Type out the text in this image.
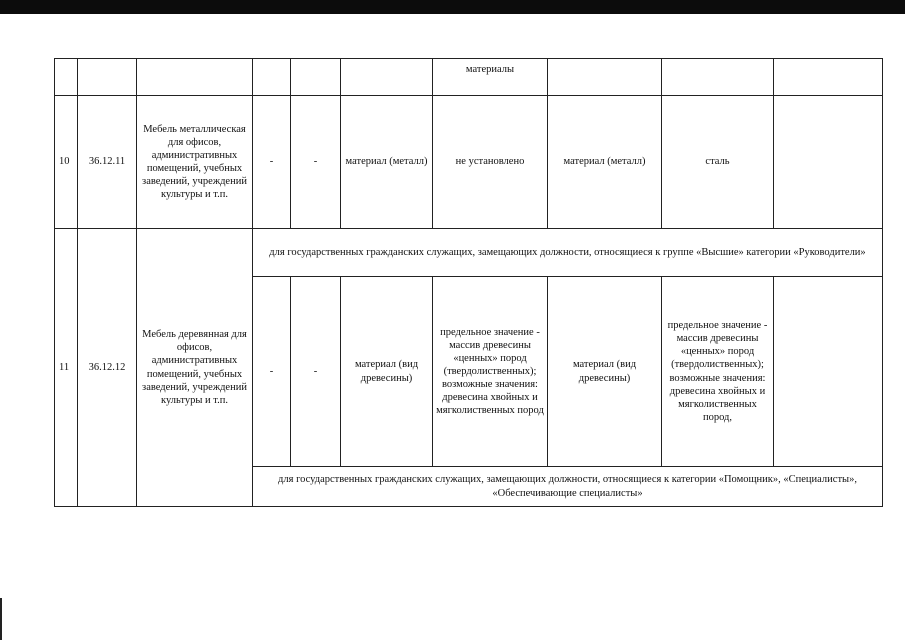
						материалы			
10	36.12.11	Мебель металлическая для офисов, административных помещений, учебных заведений, учреждений культуры и т.п.	-	-	материал (металл)	не установлено	материал (металл)	сталь	
11	36.12.12	Мебель деревянная для офисов, административных помещений, учебных заведений, учреждений культуры и т.п.	для государственных гражданских служащих, замещающих должности, относящиеся к группе «Высшие» категории «Руководители»						
			-	-	материал (вид древесины)	предельное значение - массив древесины «ценных» пород (твердолиственных); возможные значения: древесина хвойных и мягколиственных пород	материал (вид древесины)	предельное значение - массив древесины «ценных» пород (твердолиственных); возможные значения: древесина хвойных и мягколиственных пород,	
			для государственных гражданских служащих, замещающих должности, относящиеся к категории «Помощник», «Специалисты», «Обеспечивающие специалисты»						
